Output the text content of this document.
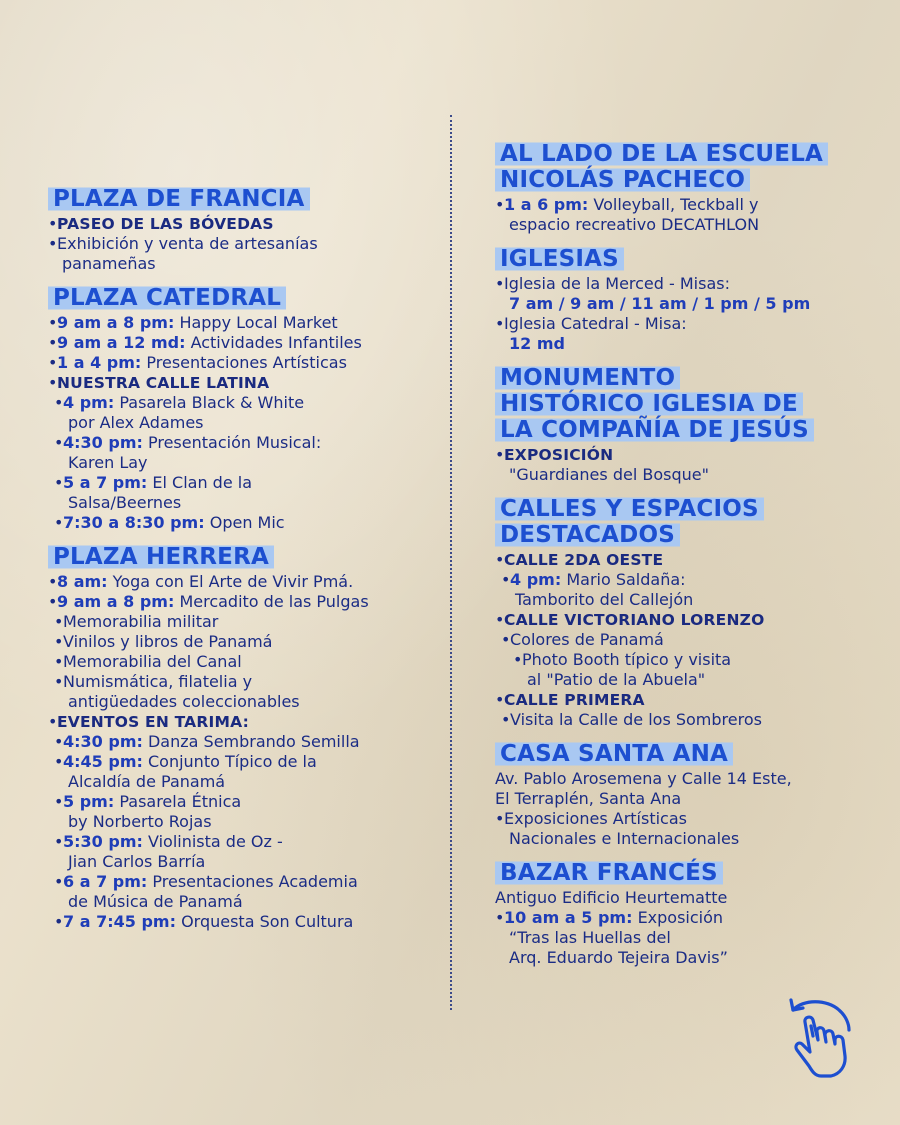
PLAZA DE FRANCIA
•PASEO DE LAS BÓVEDAS
•Exhibición y venta de artesanías
panameñas
PLAZA CATEDRAL
•9 am a 8 pm: Happy Local Market
•9 am a 12 md: Actividades Infantiles
•1 a 4 pm: Presentaciones Artísticas
•NUESTRA CALLE LATINA
•4 pm: Pasarela Black & White
por Alex Adames
•4:30 pm: Presentación Musical:
Karen Lay
•5 a 7 pm: El Clan de la
Salsa/Beernes
•7:30 a 8:30 pm: Open Mic
PLAZA HERRERA
•8 am: Yoga con El Arte de Vivir Pmá.
•9 am a 8 pm: Mercadito de las Pulgas
•Memorabilia militar
•Vinilos y libros de Panamá
•Memorabilia del Canal
•Numismática, filatelia y
antigüedades coleccionables
•EVENTOS EN TARIMA:
•4:30 pm: Danza Sembrando Semilla
•4:45 pm: Conjunto Típico de la
Alcaldía de Panamá
•5 pm: Pasarela Étnica
by Norberto Rojas
•5:30 pm: Violinista de Oz -
Jian Carlos Barría
•6 a 7 pm: Presentaciones Academia
de Música de Panamá
•7 a 7:45 pm: Orquesta Son Cultura
AL LADO DE LA ESCUELA
NICOLÁS PACHECO
•1 a 6 pm: Volleyball, Teckball y
espacio recreativo DECATHLON
IGLESIAS
•Iglesia de la Merced - Misas:
7 am / 9 am / 11 am / 1 pm / 5 pm
•Iglesia Catedral - Misa:
12 md
MONUMENTO
HISTÓRICO IGLESIA DE
LA COMPAÑÍA DE JESÚS
•EXPOSICIÓN
"Guardianes del Bosque"
CALLES Y ESPACIOS
DESTACADOS
•CALLE 2DA OESTE
•4 pm: Mario Saldaña:
Tamborito del Callejón
•CALLE VICTORIANO LORENZO
•Colores de Panamá
•Photo Booth típico y visita
al "Patio de la Abuela"
•CALLE PRIMERA
•Visita la Calle de los Sombreros
CASA SANTA ANA
Av. Pablo Arosemena y Calle 14 Este,
El Terraplén, Santa Ana
•Exposiciones Artísticas
Nacionales e Internacionales
BAZAR FRANCÉS
Antiguo Edificio Heurtematte
•10 am a 5 pm: Exposición
“Tras las Huellas del
Arq. Eduardo Tejeira Davis”
